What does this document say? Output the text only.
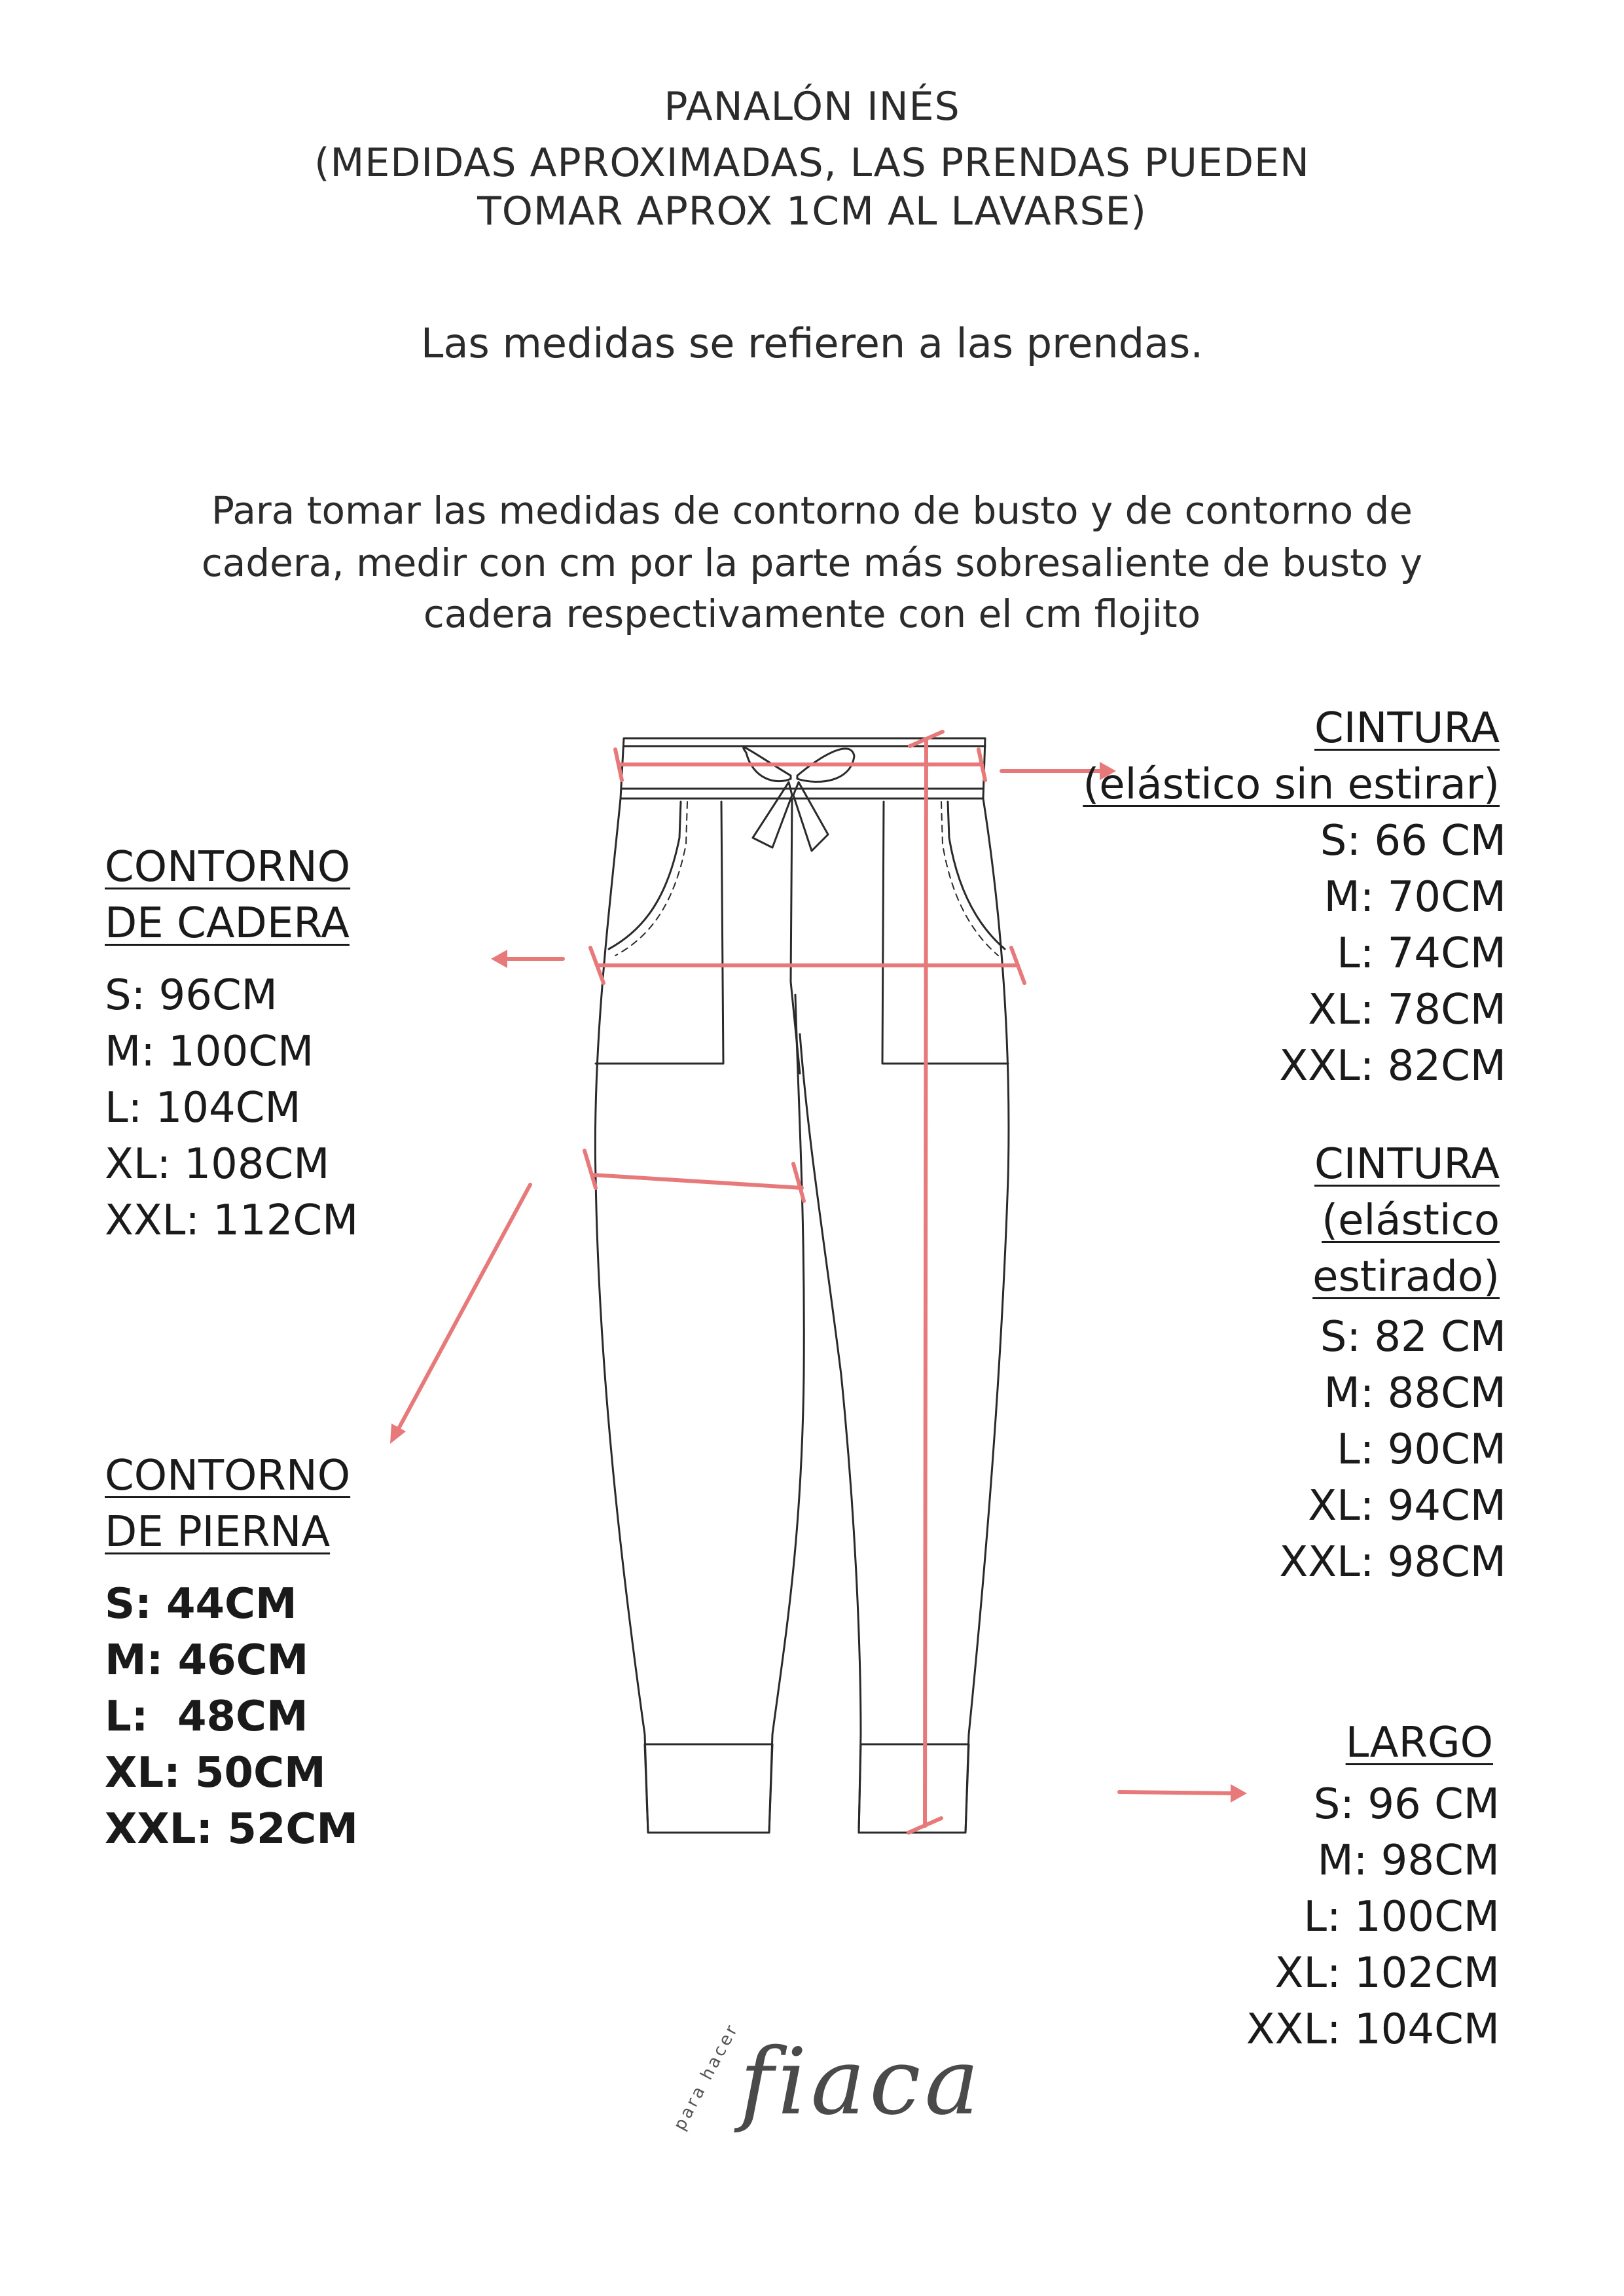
PANALÓN INÉS
(MEDIDAS APROXIMADAS, LAS PRENDAS PUEDEN
TOMAR APROX 1CM AL LAVARSE)
Las medidas se refieren a las prendas.
Para tomar las medidas de contorno de busto y de contorno de
cadera, medir con cm por la parte más sobresaliente de busto y
cadera respectivamente con el cm flojito
CONTORNO
DE CADERA
S: 96CM
M: 100CM
L: 104CM
XL: 108CM
XXL: 112CM
CONTORNO
DE PIERNA
S: 44CM
M: 46CM
L:  48CM
XL: 50CM
XXL: 52CM
CINTURA
(elástico sin estirar)
S: 66 CM
M: 70CM
L: 74CM
XL: 78CM
XXL: 82CM
CINTURA
(elástico
estirado)
S: 82 CM
M: 88CM
L: 90CM
XL: 94CM
XXL: 98CM
LARGO
S: 96 CM
M: 98CM
L: 100CM
XL: 102CM
XXL: 104CM
para hacer
fiaca
